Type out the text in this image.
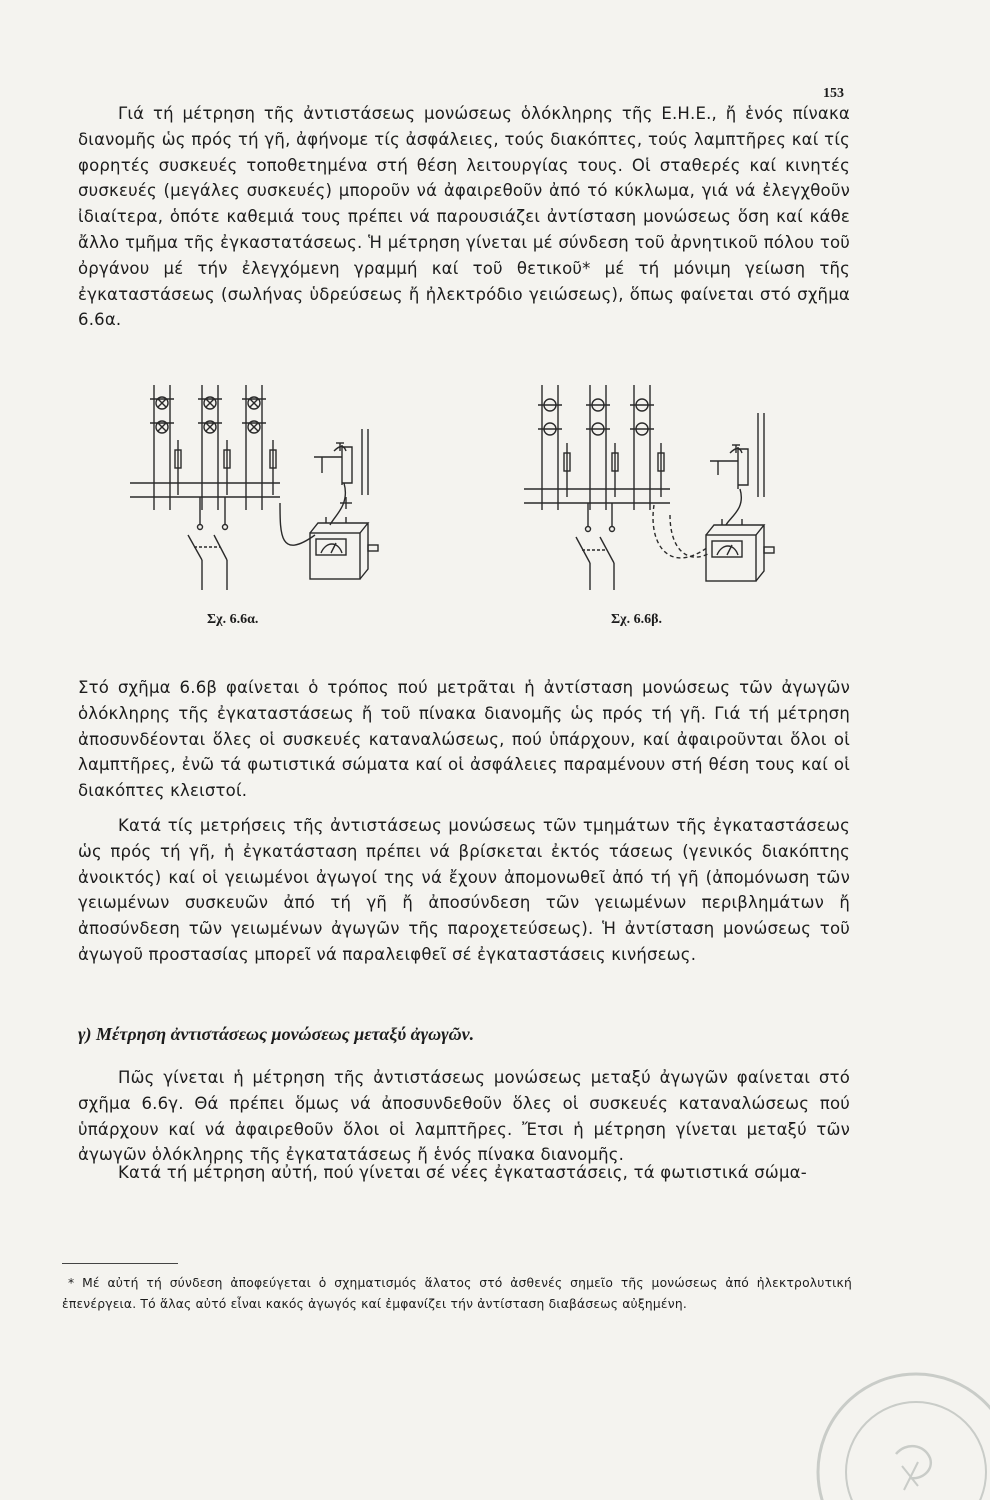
153

Γιά τή μέτρηση τῆς ἀντιστάσεως μονώσεως ὁλόκληρης τῆς Ε.Η.Ε., ἤ ἑνός πίνακα διανομῆς ὡς πρός τή γῆ, ἀφήνομε τίς ἀσφάλειες, τούς διακόπτες, τούς λαμπτῆρες καί τίς φορητές συσκευές τοποθετημένα στή θέση λειτουργίας τους. Οἱ σταθερές καί κινητές συσκευές (μεγάλες συσκευές) μποροῦν νά ἀφαιρεθοῦν ἀπό τό κύκλωμα, γιά νά ἐλεγχθοῦν ἰδιαίτερα, ὁπότε καθεμιά τους πρέπει νά παρουσιάζει ἀντίσταση μονώσεως ὅση καί κάθε ἄλλο τμῆμα τῆς ἐγκαστατάσεως. Ἡ μέτρηση γίνεται μέ σύνδεση τοῦ ἀρνητικοῦ πόλου τοῦ ὀργάνου μέ τήν ἐλεγχόμενη γραμμή καί τοῦ θετικοῦ* μέ τή μόνιμη γείωση τῆς ἐγκαταστάσεως (σωλήνας ὑδρεύσεως ἤ ἠλεκτρόδιο γειώσεως), ὅπως φαίνεται στό σχῆμα 6.6α.

Σχ. 6.6α.	Σχ. 6.6β.

Στό σχῆμα 6.6β φαίνεται ὁ τρόπος πού μετρᾶται ἡ ἀντίσταση μονώσεως τῶν ἀγωγῶν ὁλόκληρης τῆς ἐγκαταστάσεως ἤ τοῦ πίνακα διανομῆς ὡς πρός τή γῆ. Γιά τή μέτρηση ἀποσυνδέονται ὅλες οἱ συσκευές καταναλώσεως, πού ὑπάρχουν, καί ἀφαιροῦνται ὅλοι οἱ λαμπτῆρες, ἐνῶ τά φωτιστικά σώματα καί οἱ ἀσφάλειες παραμένουν στή θέση τους καί οἱ διακόπτες κλειστοί.

Κατά τίς μετρήσεις τῆς ἀντιστάσεως μονώσεως τῶν τμημάτων τῆς ἐγκαταστάσεως ὡς πρός τή γῆ, ἡ ἐγκατάσταση πρέπει νά βρίσκεται ἐκτός τάσεως (γενικός διακόπτης ἀνοικτός) καί οἱ γειωμένοι ἀγωγοί της νά ἔχουν ἀπομονωθεῖ ἀπό τή γῆ (ἀπομόνωση τῶν γειωμένων συσκευῶν ἀπό τή γῆ ἤ ἀποσύνδεση τῶν γειωμένων περιβλημάτων ἤ ἀποσύνδεση τῶν γειωμένων ἀγωγῶν τῆς παροχετεύσεως). Ἡ ἀντίσταση μονώσεως τοῦ ἀγωγοῦ προστασίας μπορεῖ νά παραλειφθεῖ σέ ἐγκαταστάσεις κινήσεως.

γ) Μέτρηση ἀντιστάσεως μονώσεως μεταξύ ἀγωγῶν.

Πῶς γίνεται ἡ μέτρηση τῆς ἀντιστάσεως μονώσεως μεταξύ ἀγωγῶν φαίνεται στό σχῆμα 6.6γ. Θά πρέπει ὅμως νά ἀποσυνδεθοῦν ὅλες οἱ συσκευές καταναλώσεως πού ὑπάρχουν καί νά ἀφαιρεθοῦν ὅλοι οἱ λαμπτῆρες. Ἔτσι ἡ μέτρηση γίνεται μεταξύ τῶν ἀγωγῶν ὁλόκληρης τῆς ἐγκατατάσεως ἤ ἑνός πίνακα διανομῆς.

Κατά τή μέτρηση αὐτή, πού γίνεται σέ νέες ἐγκαταστάσεις, τά φωτιστικά σώμα-

* Μέ αὐτή τή σύνδεση ἀποφεύγεται ὁ σχηματισμός ἅλατος στό ἀσθενές σημεῖο τῆς μονώσεως ἀπό ἠλεκτρολυτική ἐπενέργεια. Τό ἅλας αὐτό εἶναι κακός ἀγωγός καί ἐμφανίζει τήν ἀντίσταση διαβάσεως αὐξημένη.
